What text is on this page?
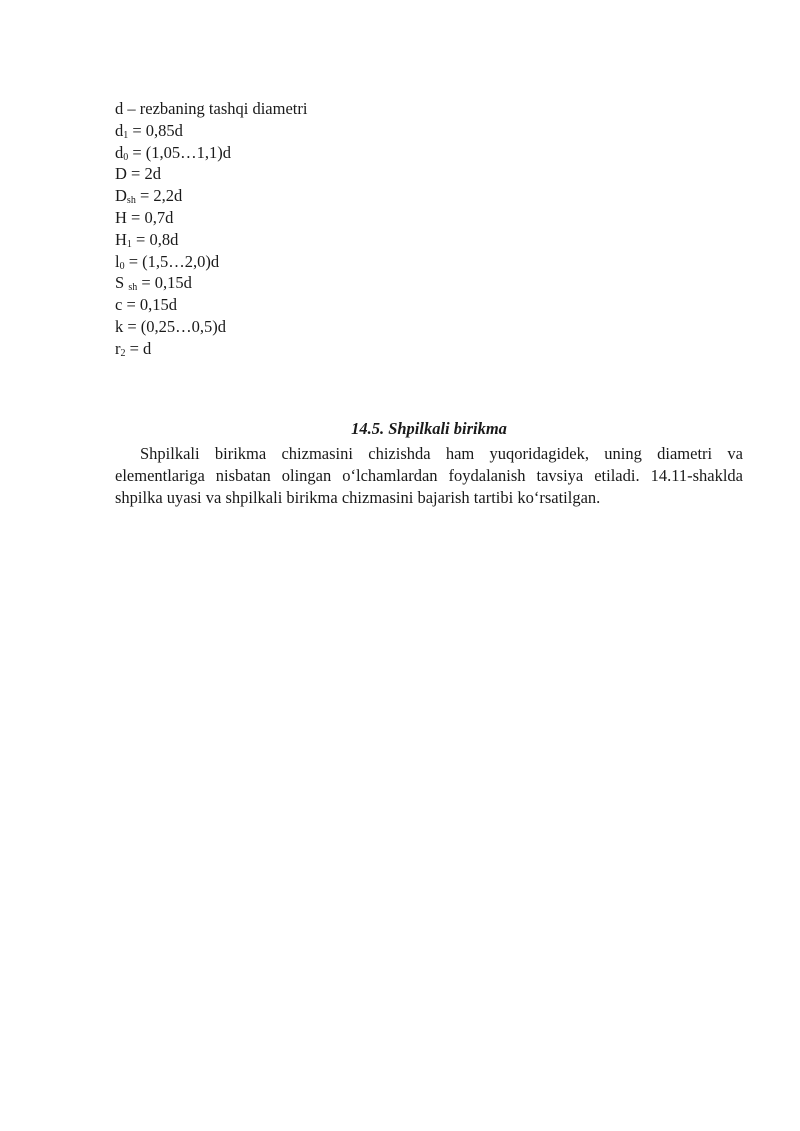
d – rezbaning tashqi diametri
$d_1 = 0,85d$
$d_0$ = (1,05…1,1)d
D = 2d
$D_{sh} = 2,2d$
H = 0,7d
$H_1 = 0,8d$
$l_0$ = (1,5…2,0)d
S $_{sh}$ = 0,15d
c = 0,15d
k = (0,25…0,5)d
$r_2 = d$
14.5. Shpilkali birikma

Shpilkali birikma chizmasini chizishda ham yuqoridagidek, uning diametri va elementlariga nisbatan olingan o‘lchamlardan foydalanish tavsiya etiladi. 14.11-shaklda shpilka uyasi va shpilkali birikma chizmasini bajarish tartibi ko‘rsatilgan.
